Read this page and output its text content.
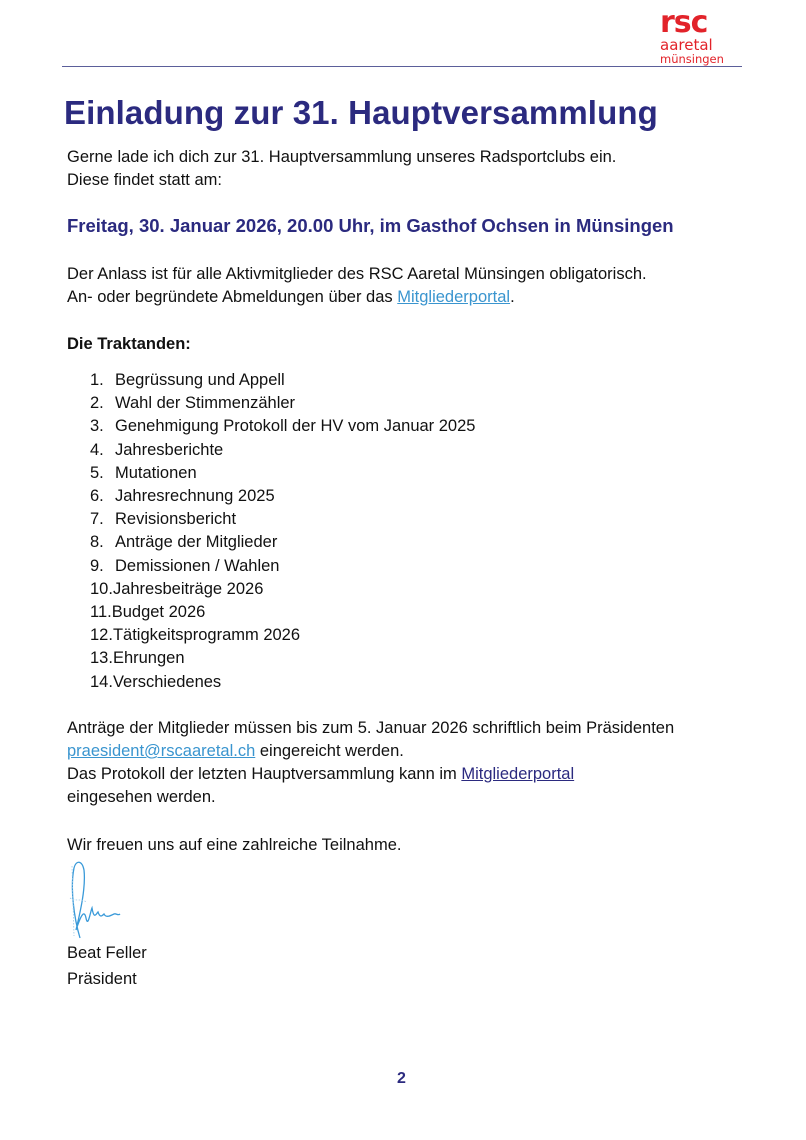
rsc
aaretal
münsingen
Einladung zur 31. Hauptversammlung
Gerne lade ich dich zur 31. Hauptversammlung unseres Radsportclubs ein.
Diese findet statt am:
Freitag, 30. Januar 2026, 20.00 Uhr, im Gasthof Ochsen in Münsingen
Der Anlass ist für alle Aktivmitglieder des RSC Aaretal Münsingen obligatorisch.
An- oder begründete Abmeldungen über das Mitgliederportal.
Die Traktanden:
1. Begrüssung und Appell
2. Wahl der Stimmenzähler
3. Genehmigung Protokoll der HV vom Januar 2025
4. Jahresberichte
5. Mutationen
6. Jahresrechnung 2025
7. Revisionsbericht
8. Anträge der Mitglieder
9. Demissionen / Wahlen
10. Jahresbeiträge 2026
11. Budget 2026
12. Tätigkeitsprogramm 2026
13. Ehrungen
14. Verschiedenes
Anträge der Mitglieder müssen bis zum 5. Januar 2026 schriftlich beim Präsidenten
praesident@rscaaretal.ch eingereicht werden.
Das Protokoll der letzten Hauptversammlung kann im Mitgliederportal
eingesehen werden.
Wir freuen uns auf eine zahlreiche Teilnahme.
Beat Feller
Präsident
2
